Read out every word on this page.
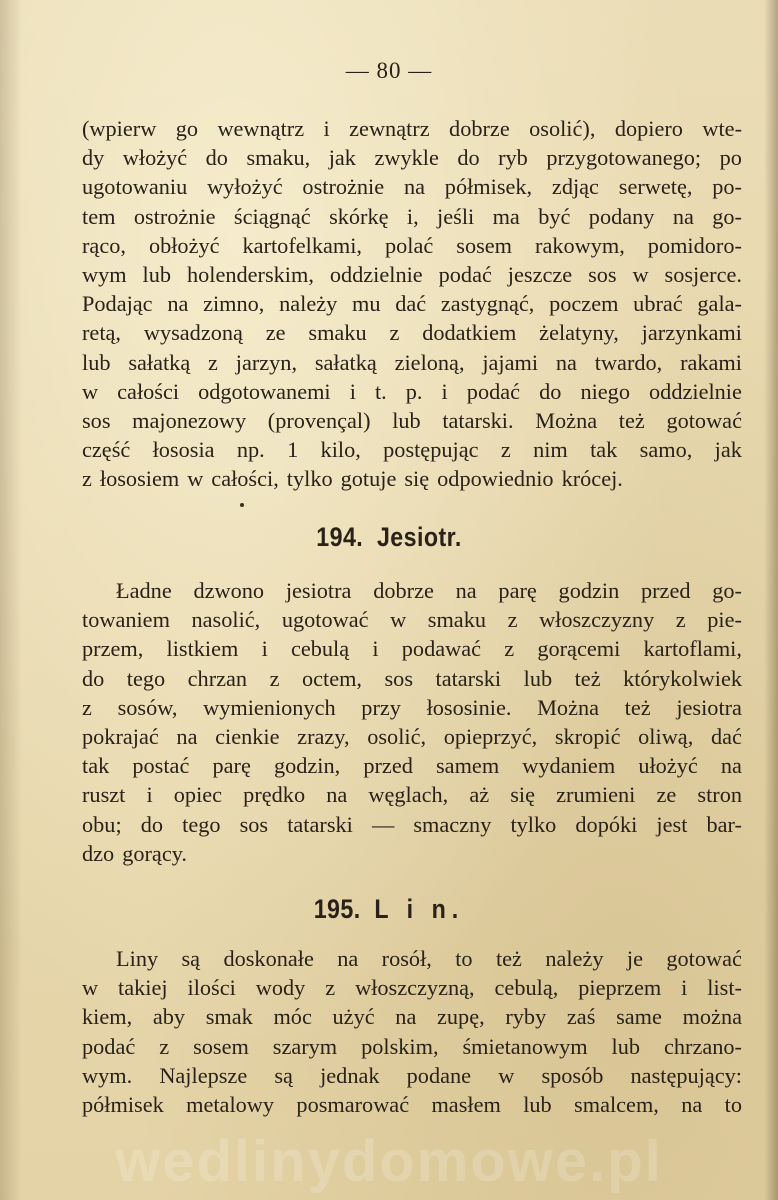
— 80 —
(wpierw go wewnątrz i zewnątrz dobrze osolić), dopiero wte-
dy włożyć do smaku, jak zwykle do ryb przygotowanego; po
ugotowaniu wyłożyć ostrożnie na półmisek, zdjąc serwetę, po-
tem ostrożnie ściągnąć skórkę i, jeśli ma być podany na go-
rąco, obłożyć kartofelkami, polać sosem rakowym, pomidoro-
wym lub holenderskim, oddzielnie podać jeszcze sos w sosjerce.
Podając na zimno, należy mu dać zastygnąć, poczem ubrać gala-
retą, wysadzoną ze smaku z dodatkiem żelatyny, jarzynkami
lub sałatką z jarzyn, sałatką zieloną, jajami na twardo, rakami
w całości odgotowanemi i t. p. i podać do niego oddzielnie
sos majonezowy (provençal) lub tatarski. Można też gotować
część łososia np. 1 kilo, postępując z nim tak samo, jak
z łososiem w całości, tylko gotuje się odpowiednio krócej.
194. Jesiotr.
Ładne dzwono jesiotra dobrze na parę godzin przed go-
towaniem nasolić, ugotować w smaku z włoszczyzny z pie-
przem, listkiem i cebulą i podawać z gorącemi kartoflami,
do tego chrzan z octem, sos tatarski lub też którykolwiek
z sosów, wymienionych przy łososinie. Można też jesiotra
pokrajać na cienkie zrazy, osolić, opieprzyć, skropić oliwą, dać
tak postać parę godzin, przed samem wydaniem ułożyć na
ruszt i opiec prędko na węglach, aż się zrumieni ze stron
obu; do tego sos tatarski — smaczny tylko dopóki jest bar-
dzo gorący.
195. L i n.
Liny są doskonałe na rosół, to też należy je gotować
w takiej ilości wody z włoszczyzną, cebulą, pieprzem i list-
kiem, aby smak móc użyć na zupę, ryby zaś same można
podać z sosem szarym polskim, śmietanowym lub chrzano-
wym. Najlepsze są jednak podane w sposób następujący:
półmisek metalowy posmarować masłem lub smalcem, na to
wedlinydomowe.pl
